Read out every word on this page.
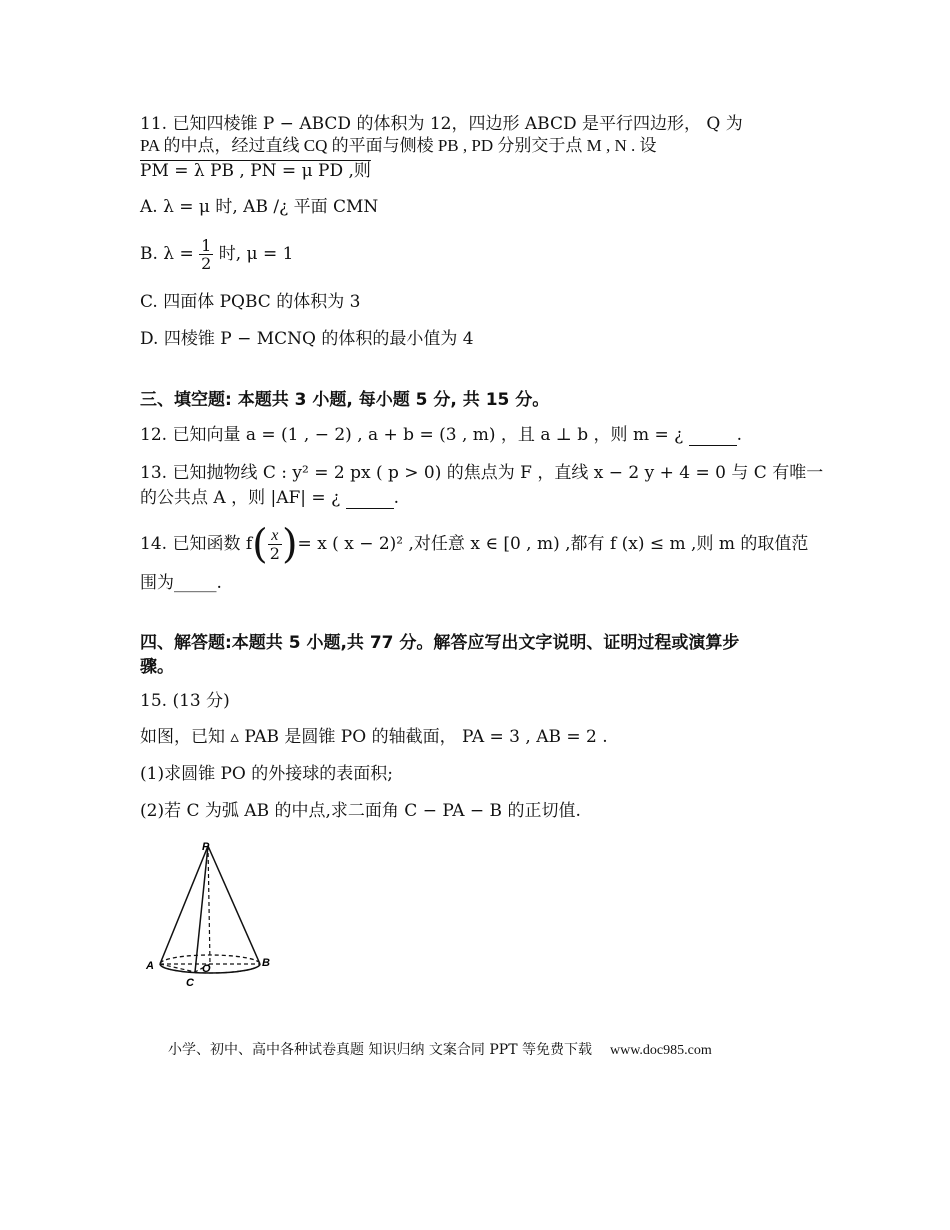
11. 已知四棱锥 P − ABCD 的体积为 12，四边形 ABCD 是平行四边形， Q 为
PA 的中点，经过直线 CQ 的平面与侧棱 PB , PD 分别交于点 M , N . 设
PM = λ PB , PN = μ PD ,则
A. λ = μ 时, AB /¿ 平面 CMN
B. $\lambda = \frac{1}{2}$ 时, μ = 1
C. 四面体 PQBC 的体积为 3
D. 四棱锥 P − MCNQ 的体积的最小值为 4
三、填空题: 本题共 3 小题, 每小题 5 分, 共 15 分。
12. 已知向量 a = (1 , − 2) , a + b = (3 , m) ，且 a ⊥ b ，则 m = ¿	.
13. 已知抛物线 C : y² = 2 px ( p > 0) 的焦点为 F ，直线 x − 2 y + 4 = 0 与 C 有唯一
的公共点 A ，则 |AF| = ¿	.
14. 已知函数 $f( \frac{x}{2}$ )= x ( x − 2)² ,对任意 x ∈ [0 , m) ,都有 f (x) ≤ m ,则 m 的取值范
围为_____.
四、解答题:本题共 5 小题,共 77 分。解答应写出文字说明、证明过程或演算步
骤。
15. (13 分)
如图，已知 ▵ PAB 是圆锥 PO 的轴截面， PA = 3 , AB = 2 .
(1)求圆锥 PO 的外接球的表面积;
(2)若 C 为弧 AB 的中点,求二面角 C − PA − B 的正切值.
P
A	B
O
C
小学、初中、高中各种试卷真题 知识归纳 文案合同 PPT 等免费下载 www.doc985.com
